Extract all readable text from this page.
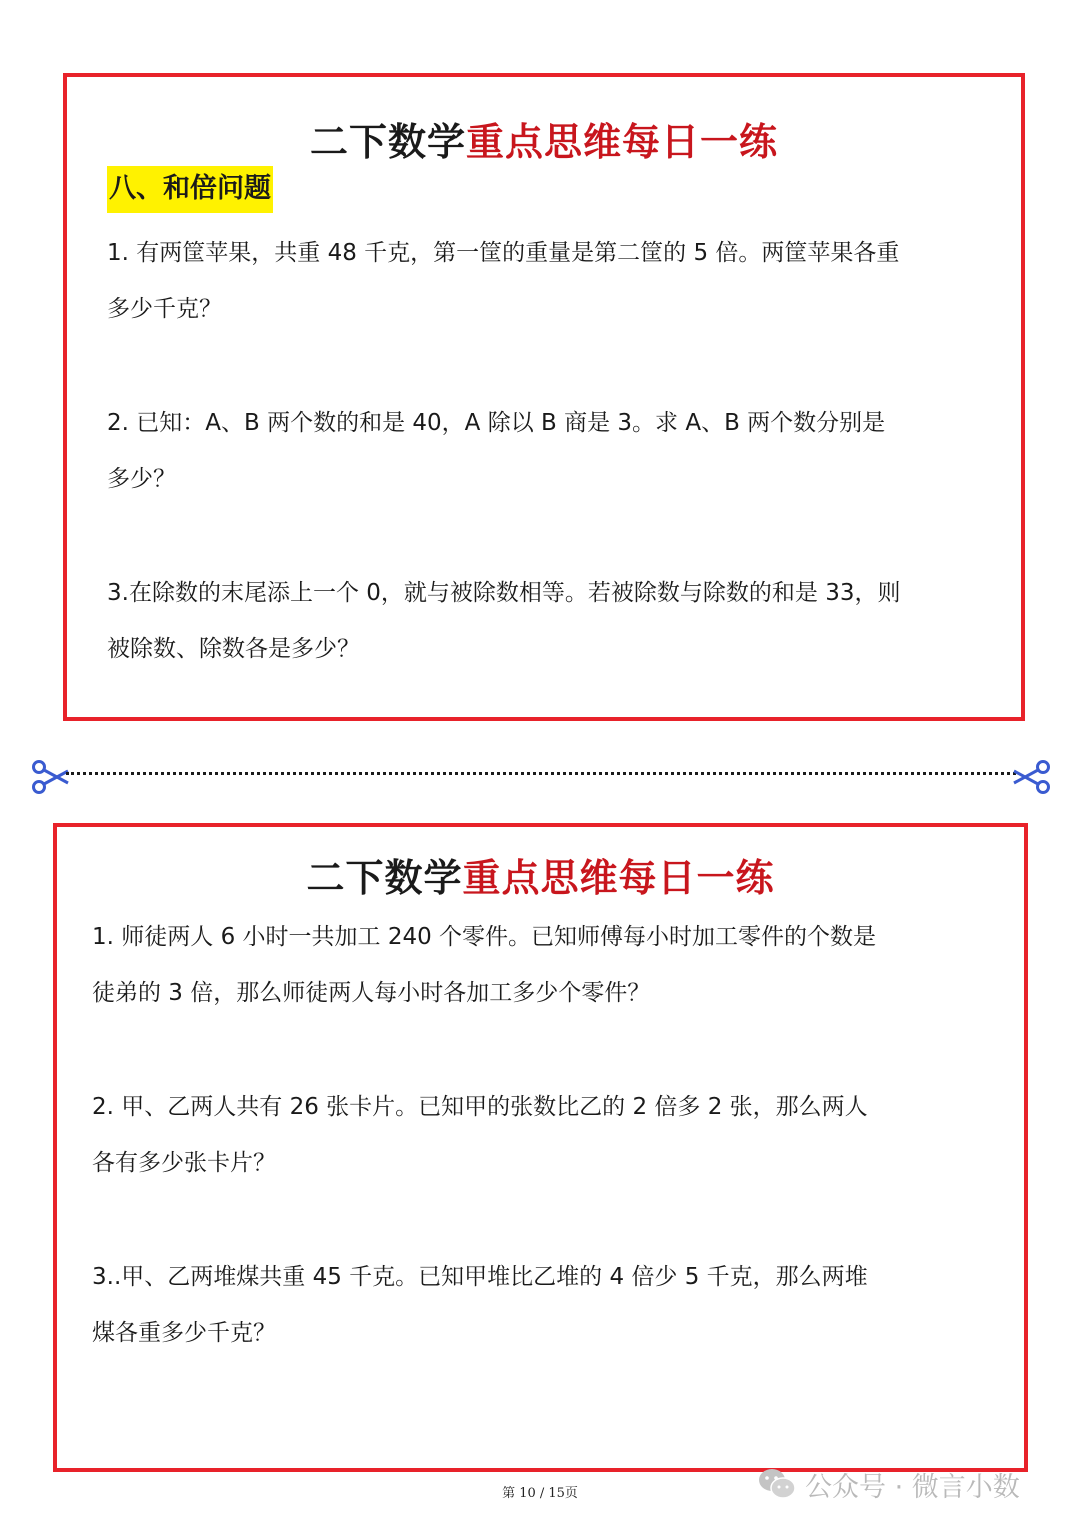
二下数学重点思维每日一练
八、和倍问题
1. 有两筐苹果，共重 48 千克，第一筐的重量是第二筐的 5 倍。两筐苹果各重
多少千克？
2. 已知：A、B 两个数的和是 40，A 除以 B 商是 3。求 A、B 两个数分别是
多少？
3.在除数的末尾添上一个 0，就与被除数相等。若被除数与除数的和是 33，则
被除数、除数各是多少？
二下数学重点思维每日一练
1. 师徒两人 6 小时一共加工 240 个零件。已知师傅每小时加工零件的个数是
徒弟的 3 倍，那么师徒两人每小时各加工多少个零件？
2. 甲、乙两人共有 26 张卡片。已知甲的张数比乙的 2 倍多 2 张，那么两人
各有多少张卡片？
3..甲、乙两堆煤共重 45 千克。已知甲堆比乙堆的 4 倍少 5 千克，那么两堆
煤各重多少千克？
第 10 / 15页	公众号 · 微言小数
